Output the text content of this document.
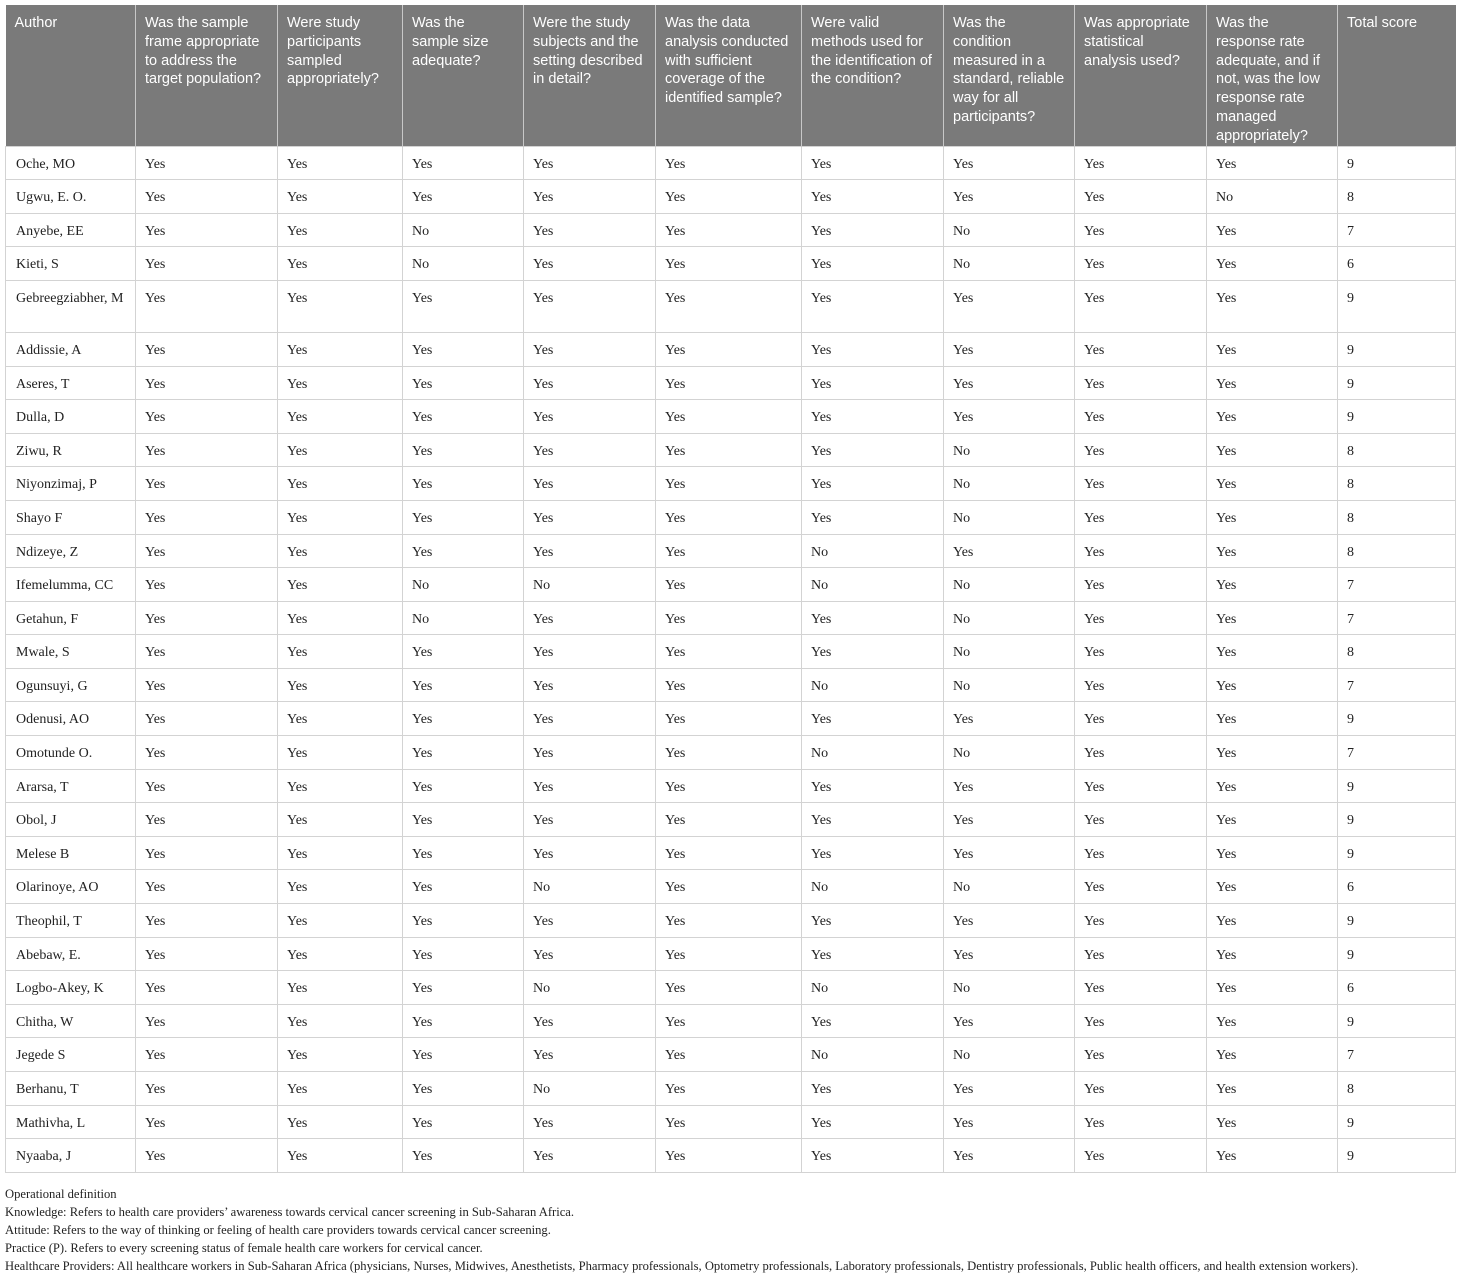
Author	Was the sample frame appropriate to address the target population?	Were study participants sampled appropriately?	Was the sample size adequate?	Were the study subjects and the setting described in detail?	Was the data analysis conducted with sufficient coverage of the identified sample?	Were valid methods used for the identification of the condition?	Was the condition measured in a standard, reliable way for all participants?	Was appropriate statistical analysis used?	Was the response rate adequate, and if not, was the low response rate managed appropriately?	Total score
Oche, MO	Yes	Yes	Yes	Yes	Yes	Yes	Yes	Yes	Yes	9
Ugwu, E. O.	Yes	Yes	Yes	Yes	Yes	Yes	Yes	Yes	No	8
Anyebe, EE	Yes	Yes	No	Yes	Yes	Yes	No	Yes	Yes	7
Kieti, S	Yes	Yes	No	Yes	Yes	Yes	No	Yes	Yes	6
Gebreegziabher, M	Yes	Yes	Yes	Yes	Yes	Yes	Yes	Yes	Yes	9
Addissie, A	Yes	Yes	Yes	Yes	Yes	Yes	Yes	Yes	Yes	9
Aseres, T	Yes	Yes	Yes	Yes	Yes	Yes	Yes	Yes	Yes	9
Dulla, D	Yes	Yes	Yes	Yes	Yes	Yes	Yes	Yes	Yes	9
Ziwu, R	Yes	Yes	Yes	Yes	Yes	Yes	No	Yes	Yes	8
Niyonzimaj, P	Yes	Yes	Yes	Yes	Yes	Yes	No	Yes	Yes	8
Shayo F	Yes	Yes	Yes	Yes	Yes	Yes	No	Yes	Yes	8
Ndizeye, Z	Yes	Yes	Yes	Yes	Yes	No	Yes	Yes	Yes	8
Ifemelumma, CC	Yes	Yes	No	No	Yes	No	No	Yes	Yes	7
Getahun, F	Yes	Yes	No	Yes	Yes	Yes	No	Yes	Yes	7
Mwale, S	Yes	Yes	Yes	Yes	Yes	Yes	No	Yes	Yes	8
Ogunsuyi, G	Yes	Yes	Yes	Yes	Yes	No	No	Yes	Yes	7
Odenusi, AO	Yes	Yes	Yes	Yes	Yes	Yes	Yes	Yes	Yes	9
Omotunde O.	Yes	Yes	Yes	Yes	Yes	No	No	Yes	Yes	7
Ararsa, T	Yes	Yes	Yes	Yes	Yes	Yes	Yes	Yes	Yes	9
Obol, J	Yes	Yes	Yes	Yes	Yes	Yes	Yes	Yes	Yes	9
Melese B	Yes	Yes	Yes	Yes	Yes	Yes	Yes	Yes	Yes	9
Olarinoye, AO	Yes	Yes	Yes	No	Yes	No	No	Yes	Yes	6
Theophil, T	Yes	Yes	Yes	Yes	Yes	Yes	Yes	Yes	Yes	9
Abebaw, E.	Yes	Yes	Yes	Yes	Yes	Yes	Yes	Yes	Yes	9
Logbo-Akey, K	Yes	Yes	Yes	No	Yes	No	No	Yes	Yes	6
Chitha, W	Yes	Yes	Yes	Yes	Yes	Yes	Yes	Yes	Yes	9
Jegede S	Yes	Yes	Yes	Yes	Yes	No	No	Yes	Yes	7
Berhanu, T	Yes	Yes	Yes	No	Yes	Yes	Yes	Yes	Yes	8
Mathivha, L	Yes	Yes	Yes	Yes	Yes	Yes	Yes	Yes	Yes	9
Nyaaba, J	Yes	Yes	Yes	Yes	Yes	Yes	Yes	Yes	Yes	9

Operational definition

Knowledge: Refers to health care providers’ awareness towards cervical cancer screening in Sub-Saharan Africa.

Attitude: Refers to the way of thinking or feeling of health care providers towards cervical cancer screening.

Practice (P). Refers to every screening status of female health care workers for cervical cancer.

Healthcare Providers: All healthcare workers in Sub-Saharan Africa (physicians, Nurses, Midwives, Anesthetists, Pharmacy professionals, Optometry professionals, Laboratory professionals, Dentistry professionals, Public health officers, and health extension workers).
